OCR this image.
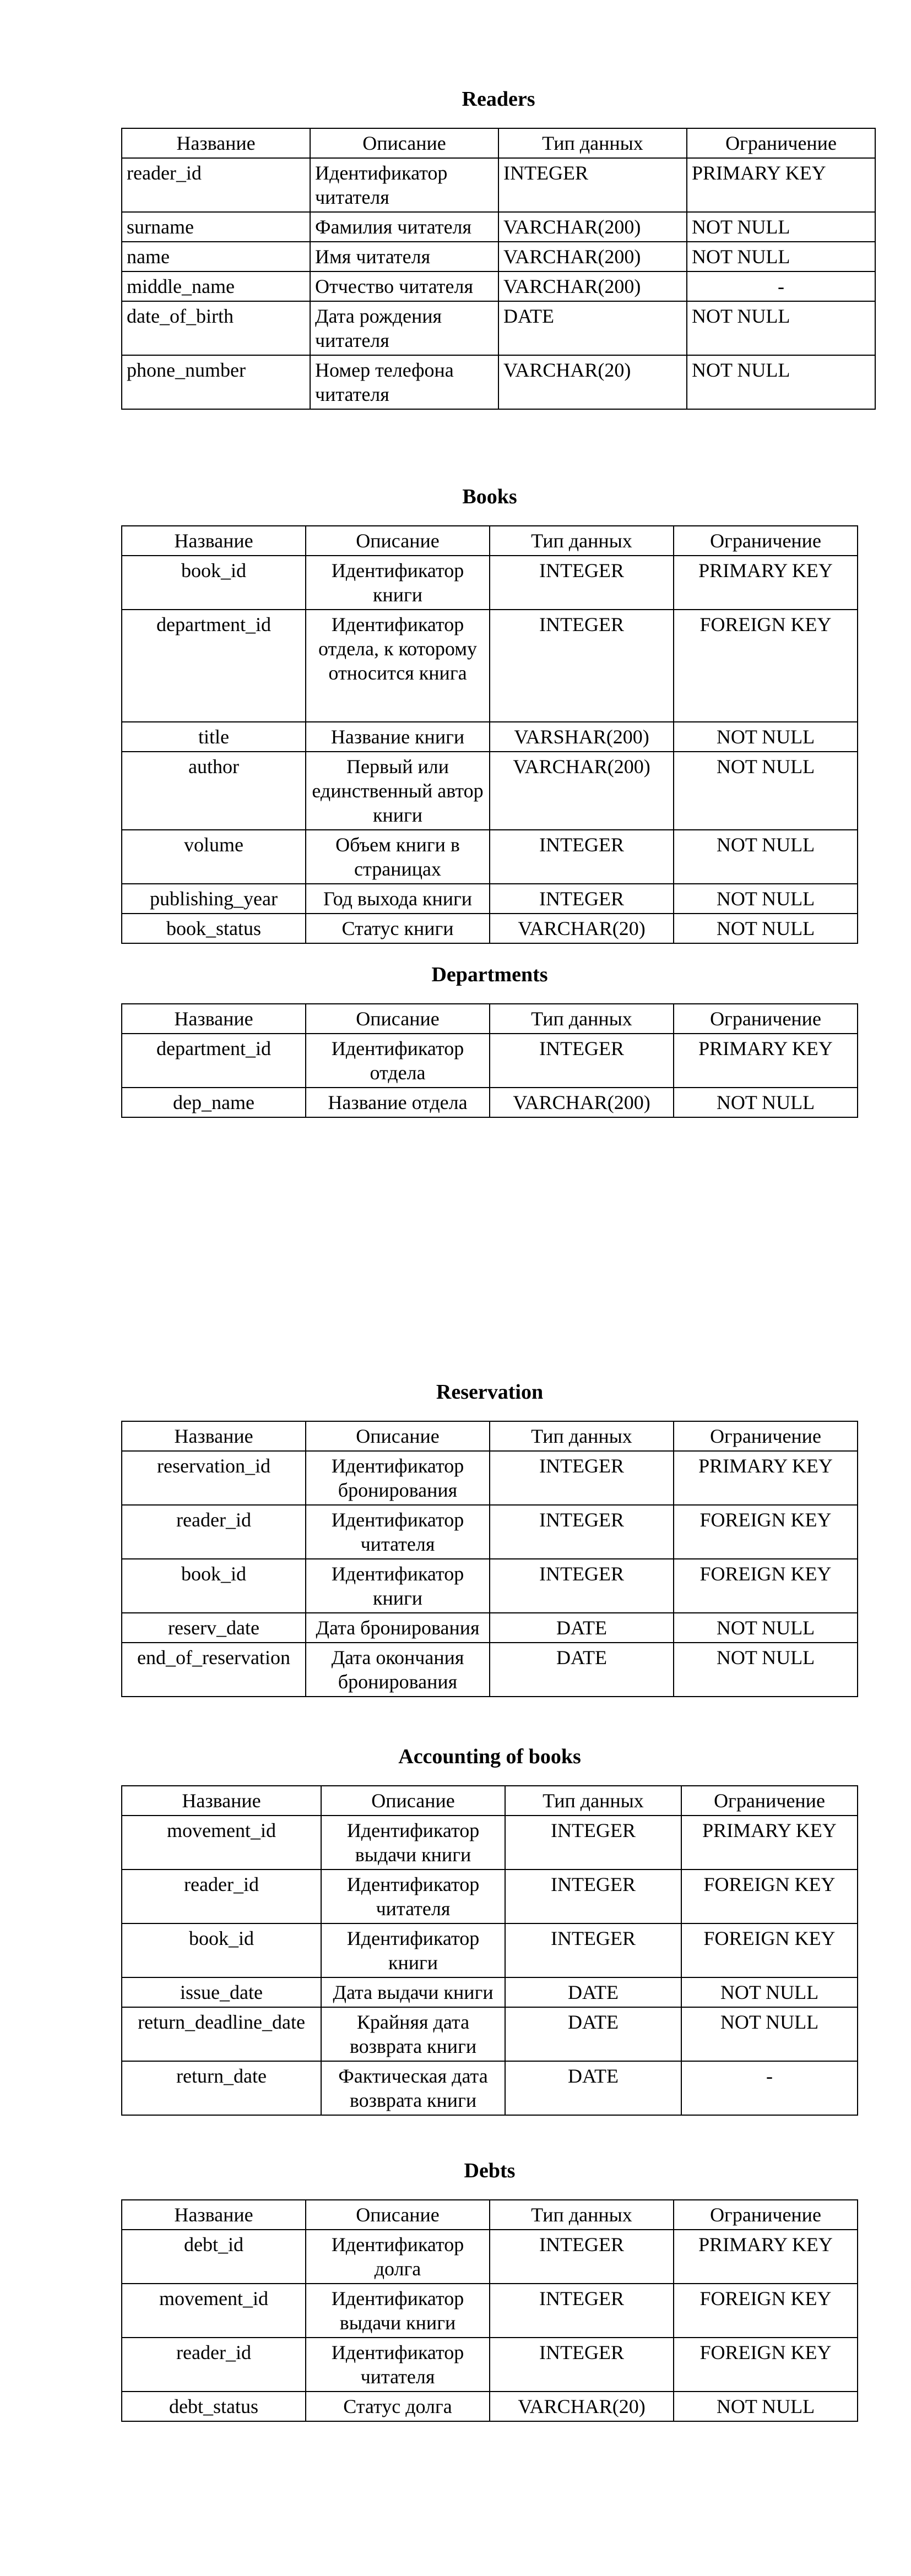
Readers
Название	Описание	Тип данных	Ограничение
reader_id	Идентификатор читателя	INTEGER	PRIMARY KEY
surname	Фамилия читателя	VARCHAR(200)	NOT NULL
name	Имя читателя	VARCHAR(200)	NOT NULL
middle_name	Отчество читателя	VARCHAR(200)	-
date_of_birth	Дата рождения читателя	DATE	NOT NULL
phone_number	Номер телефона читателя	VARCHAR(20)	NOT NULL
Books
Название	Описание	Тип данных	Ограничение
book_id	Идентификатор книги	INTEGER	PRIMARY KEY
department_id	Идентификатор отдела, к которому относится книга	INTEGER	FOREIGN KEY
title	Название книги	VARSHAR(200)	NOT NULL
author	Первый или единственный автор книги	VARCHAR(200)	NOT NULL
volume	Объем книги в страницах	INTEGER	NOT NULL
publishing_year	Год выхода книги	INTEGER	NOT NULL
book_status	Статус книги	VARCHAR(20)	NOT NULL
Departments
Название	Описание	Тип данных	Ограничение
department_id	Идентификатор отдела	INTEGER	PRIMARY KEY
dep_name	Название отдела	VARCHAR(200)	NOT NULL
Reservation
Название	Описание	Тип данных	Ограничение
reservation_id	Идентификатор бронирования	INTEGER	PRIMARY KEY
reader_id	Идентификатор читателя	INTEGER	FOREIGN KEY
book_id	Идентификатор книги	INTEGER	FOREIGN KEY
reserv_date	Дата бронирования	DATE	NOT NULL
end_of_reservation	Дата окончания бронирования	DATE	NOT NULL
Accounting of books
Название	Описание	Тип данных	Ограничение
movement_id	Идентификатор выдачи книги	INTEGER	PRIMARY KEY
reader_id	Идентификатор читателя	INTEGER	FOREIGN KEY
book_id	Идентификатор книги	INTEGER	FOREIGN KEY
issue_date	Дата выдачи книги	DATE	NOT NULL
return_deadline_date	Крайняя дата возврата книги	DATE	NOT NULL
return_date	Фактическая дата возврата книги	DATE	-
Debts
Название	Описание	Тип данных	Ограничение
debt_id	Идентификатор долга	INTEGER	PRIMARY KEY
movement_id	Идентификатор выдачи книги	INTEGER	FOREIGN KEY
reader_id	Идентификатор читателя	INTEGER	FOREIGN KEY
debt_status	Статус долга	VARCHAR(20)	NOT NULL
